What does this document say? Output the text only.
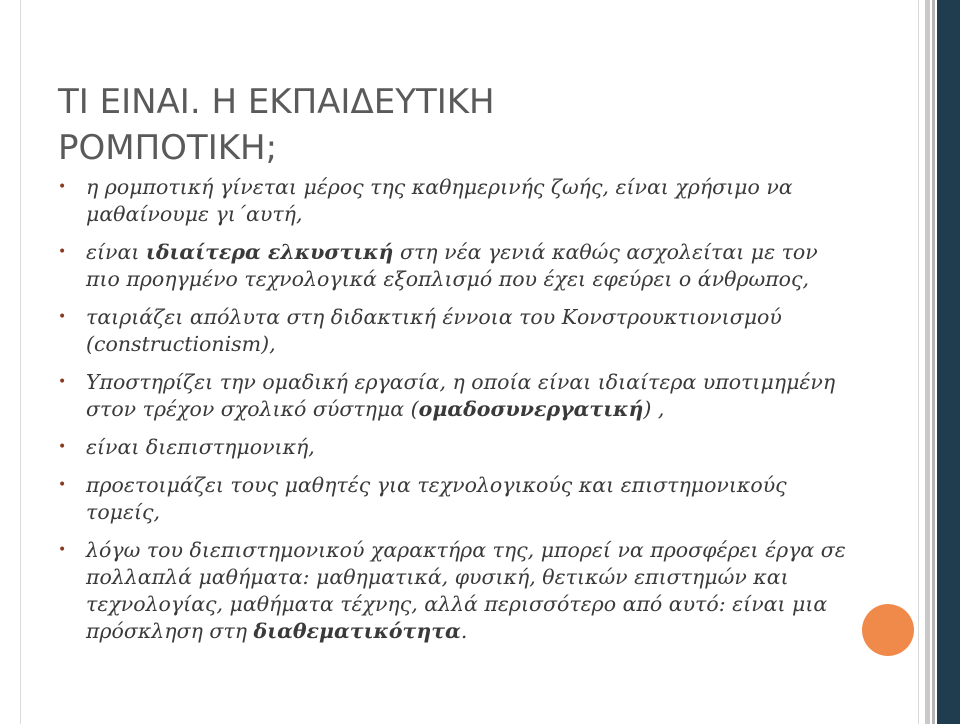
ΤΙ ΕΙΝΑΙ. Η ΕΚΠΑΙΔΕΥΤΙΚΗ
ΡΟΜΠΟΤΙΚΗ;
• η ρομποτική γίνεται μέρος της καθημερινής ζωής, είναι χρήσιμο να μαθαίνουμε γι΄αυτή,
• είναι ιδιαίτερα ελκυστική στη νέα γενιά καθώς ασχολείται με τον πιο προηγμένο τεχνολογικά εξοπλισμό που έχει εφεύρει ο άνθρωπος,
• ταιριάζει απόλυτα στη διδακτική έννοια του Κονστρουκτιονισμού (constructionism),
• Υποστηρίζει την ομαδική εργασία, η οποία είναι ιδιαίτερα υποτιμημένη στον τρέχον σχολικό σύστημα (ομαδοσυνεργατική) ,
• είναι διεπιστημονική,
• προετοιμάζει τους μαθητές για τεχνολογικούς και επιστημονικούς τομείς,
• λόγω του διεπιστημονικού χαρακτήρα της, μπορεί να προσφέρει έργα σε πολλαπλά μαθήματα: μαθηματικά, φυσική, θετικών επιστημών και τεχνολογίας, μαθήματα τέχνης, αλλά περισσότερο από αυτό: είναι μια πρόσκληση στη διαθεματικότητα.
